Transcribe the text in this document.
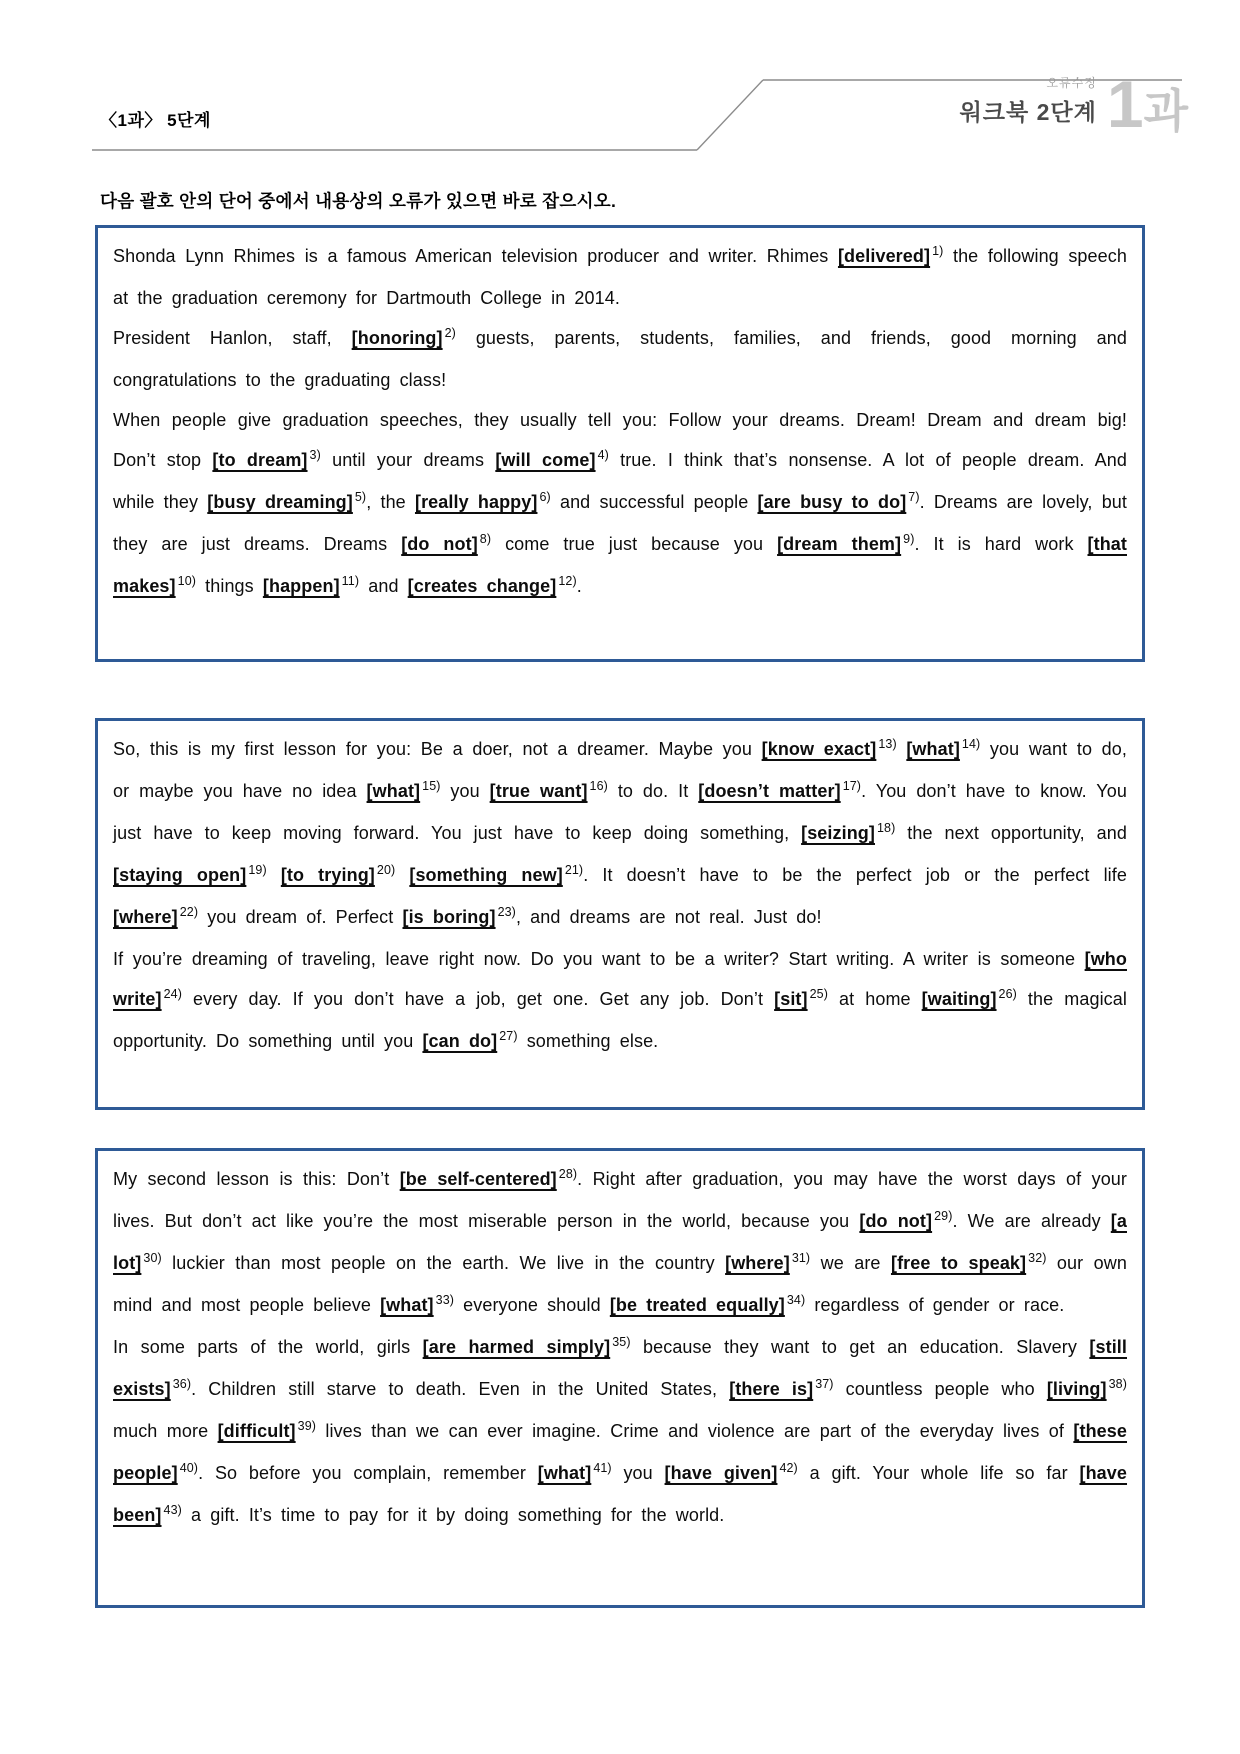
〈1과〉 5단계
오류수정
워크북 2단계 1과
다음 괄호 안의 단어 중에서 내용상의 오류가 있으면 바로 잡으시오.

Shonda Lynn Rhimes is a famous American television producer and writer. Rhimes [delivered] $^{1)}$ the following speech at the graduation ceremony for Dartmouth College in 2014.

President Hanlon, staff, [honoring] $^{2)}$ guests, parents, students, families, and friends, good morning and congratulations to the graduating class!

When people give graduation speeches, they usually tell you: Follow your dreams. Dream! Dream and dream big! Don’t stop [to dream] $^{3)}$ until your dreams [will come] $^{4)}$ true. I think that’s nonsense. A lot of people dream. And while they [busy dreaming] $^{5)}$, the [really happy] $^{6)}$ and successful people [are busy to do] $^{7)}$. Dreams are lovely, but they are just dreams. Dreams [do not] $^{8)}$ come true just because you [dream them] $^{9)}$. It is hard work [that makes] $^{10)}$ things [happen] $^{11)}$ and [creates change] $^{12)}$.

So, this is my first lesson for you: Be a doer, not a dreamer. Maybe you [know exact] $^{13)}$ [what] $^{14)}$ you want to do, or maybe you have no idea [what] $^{15)}$ you [true want] $^{16)}$ to do. It [doesn’t matter] $^{17)}$. You don’t have to know. You just have to keep moving forward. You just have to keep doing something, [seizing] $^{18)}$ the next opportunity, and [staying open] $^{19)}$ [to trying] $^{20)}$ [something new] $^{21)}$. It doesn’t have to be the perfect job or the perfect life [where] $^{22)}$ you dream of. Perfect [is boring] $^{23)}$, and dreams are not real. Just do!

If you’re dreaming of traveling, leave right now. Do you want to be a writer? Start writing. A writer is someone [who write] $^{24)}$ every day. If you don’t have a job, get one. Get any job. Don’t [sit] $^{25)}$ at home [waiting] $^{26)}$ the magical opportunity. Do something until you [can do] $^{27)}$ something else.

My second lesson is this: Don’t [be self-centered] $^{28)}$. Right after graduation, you may have the worst days of your lives. But don’t act like you’re the most miserable person in the world, because you [do not] $^{29)}$. We are already [a lot] $^{30)}$ luckier than most people on the earth. We live in the country [where] $^{31)}$ we are [free to speak] $^{32)}$ our own mind and most people believe [what] $^{33)}$ everyone should [be treated equally] $^{34)}$ regardless of gender or race.

In some parts of the world, girls [are harmed simply] $^{35)}$ because they want to get an education. Slavery [still exists] $^{36)}$. Children still starve to death. Even in the United States, [there is] $^{37)}$ countless people who [living] $^{38)}$ much more [difficult] $^{39)}$ lives than we can ever imagine. Crime and violence are part of the everyday lives of [these people] $^{40)}$. So before you complain, remember [what] $^{41)}$ you [have given] $^{42)}$ a gift. Your whole life so far [have been] $^{43)}$ a gift. It’s time to pay for it by doing something for the world.
